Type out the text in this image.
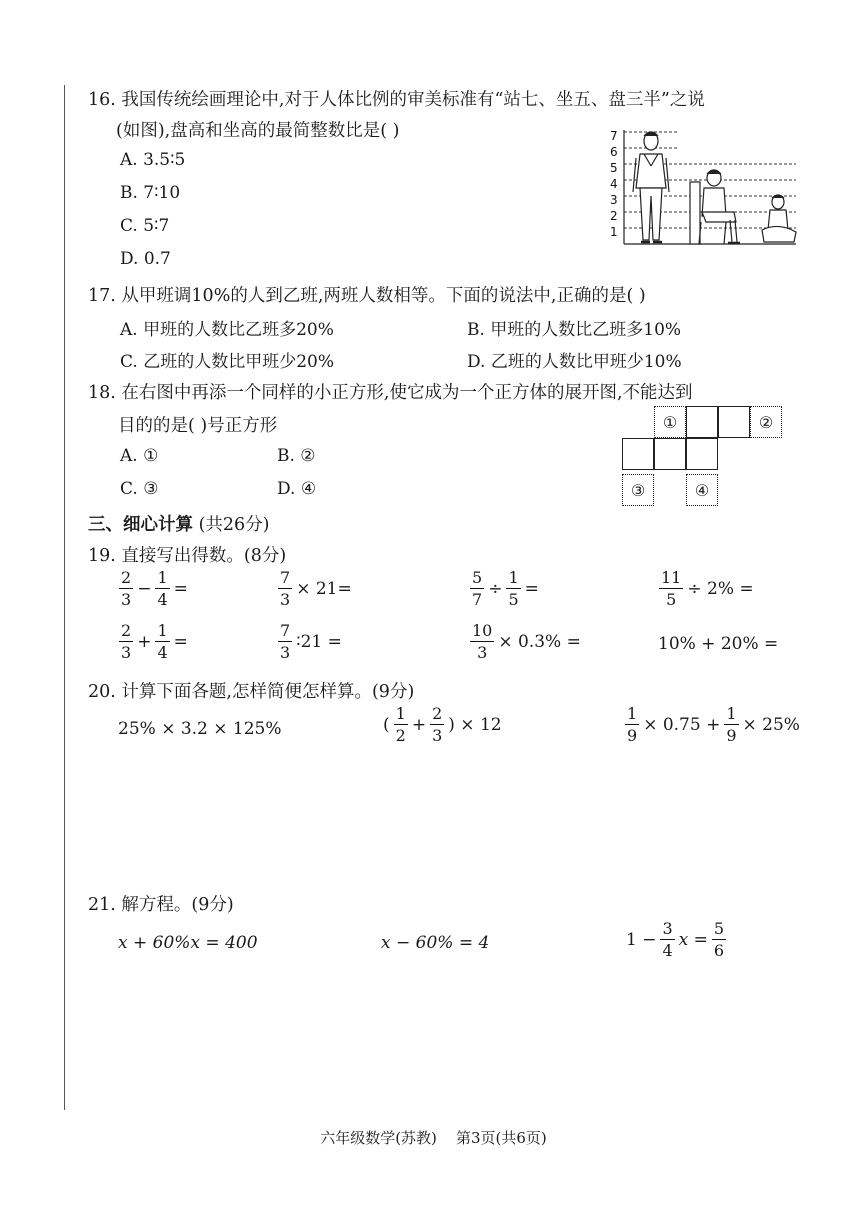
16. 我国传统绘画理论中,对于人体比例的审美标准有“站七、坐五、盘三半”之说
(如图),盘高和坐高的最简整数比是( )
A. 3.5∶5
B. 7∶10
C. 5∶7
D. 0.7
7
6
5
4
3
2
1
17. 从甲班调10%的人到乙班,两班人数相等。下面的说法中,正确的是( )
A. 甲班的人数比乙班多20%	B. 甲班的人数比乙班多10%
C. 乙班的人数比甲班少20%	D. 乙班的人数比甲班少10%
18. 在右图中再添一个同样的小正方形,使它成为一个正方体的展开图,不能达到
目的的是( )号正方形
A. ①	B. ②
C. ③	D. ④
①	②
③	④
三、细心计算 (共26分)
19. 直接写出得数。(8分)
$\frac{2}{3} - \frac{1}{4}$ =	$\frac{7}{3} \times 21=$	$\frac{5}{7} \div \frac{1}{5}$ =	$\frac{11}{5} \div 2\%$ =
$\frac{2}{3} + \frac{1}{4}$ =	$\frac{7}{3}$ ∶21 =	$\frac{10}{3} \times 0.3\%$ =	10% + 20% =
20. 计算下面各题,怎样简便怎样算。(9分)
25% × 3.2 × 125%	( $\frac{1}{2} + \frac{2}{3}$ ) × 12	$\frac{1}{9} \times 0.75 + \frac{1}{9} \times 25\%$
21. 解方程。(9分)
x + 60%x = 400	x − 60% = 4	$1 - \frac{3}{4}$ $x = \frac{5}{6}$
六年级数学(苏教)    第3页(共6页)
